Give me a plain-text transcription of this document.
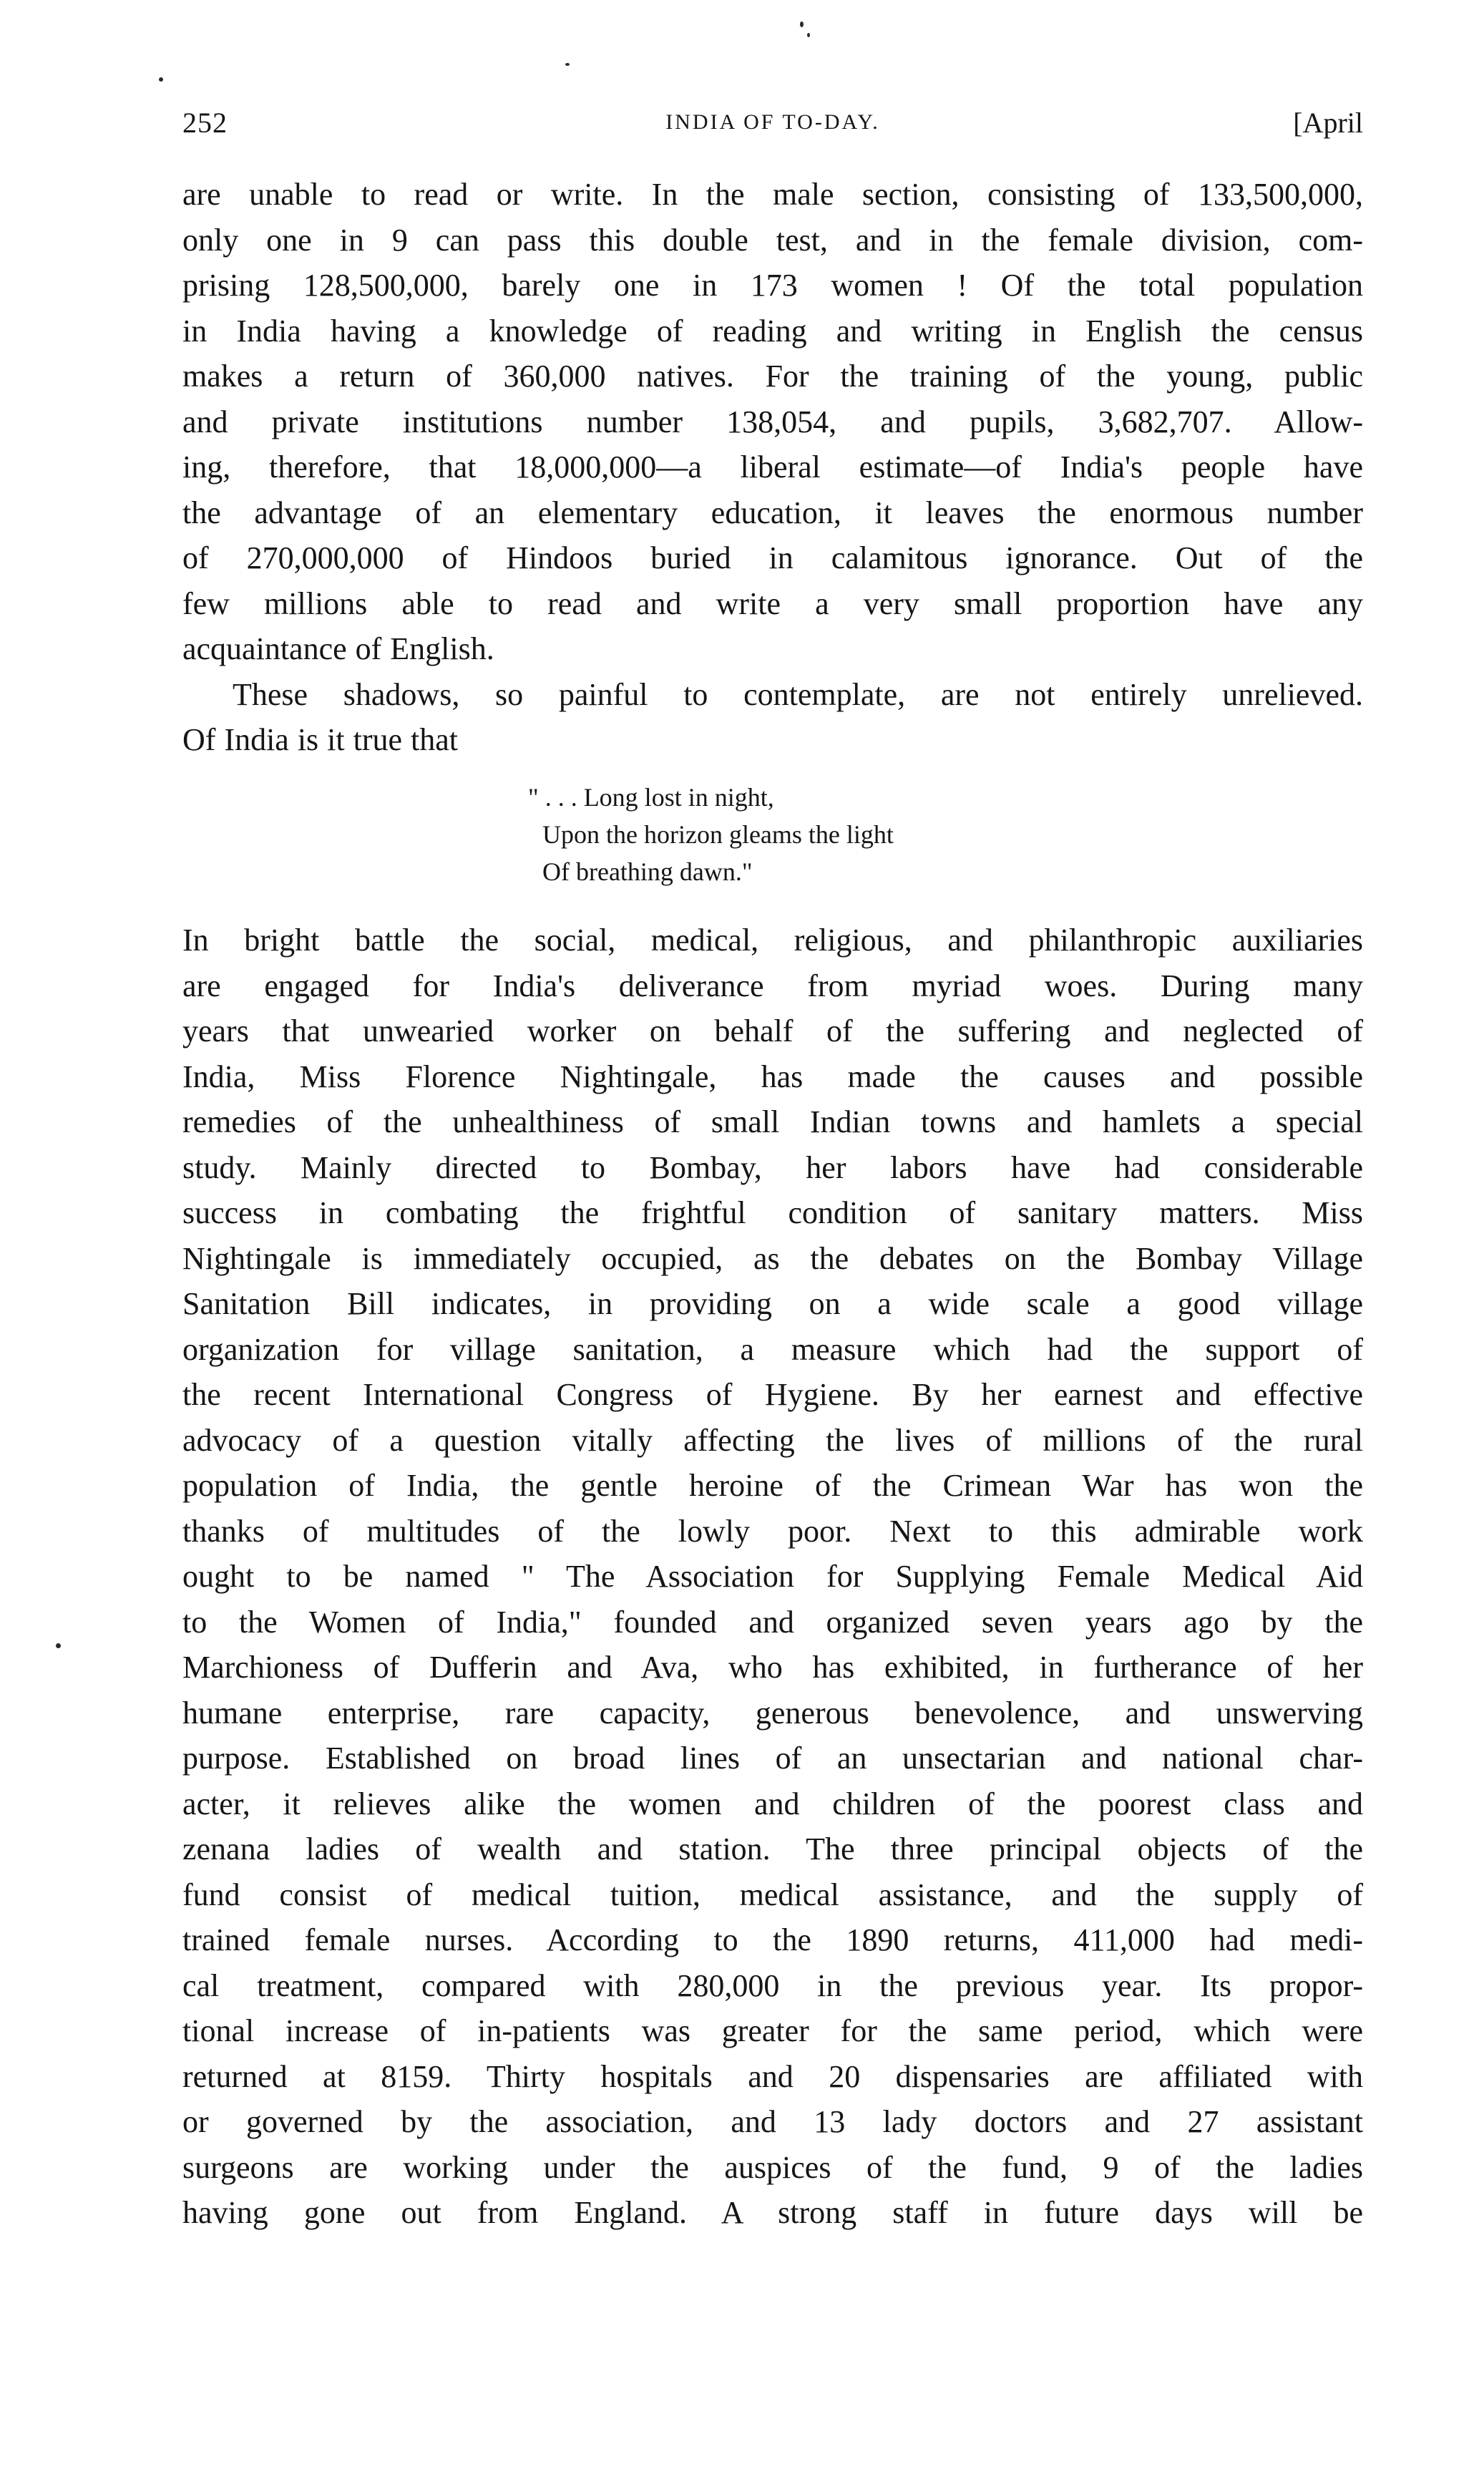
252	INDIA OF TO-DAY.	[April
are unable to read or write. In the male section, consisting of 133,500,000,
only one in 9 can pass this double test, and in the female division, com-
prising 128,500,000, barely one in 173 women ! Of the total population
in India having a knowledge of reading and writing in English the census
makes a return of 360,000 natives. For the training of the young, public
and private institutions number 138,054, and pupils, 3,682,707. Allow-
ing, therefore, that 18,000,000—a liberal estimate—of India's people have
the advantage of an elementary education, it leaves the enormous number
of 270,000,000 of Hindoos buried in calamitous ignorance. Out of the
few millions able to read and write a very small proportion have any
acquaintance of English.
These shadows, so painful to contemplate, are not entirely unrelieved.
Of India is it true that
" . . . Long lost in night,
Upon the horizon gleams the light
Of breathing dawn."
In bright battle the social, medical, religious, and philanthropic auxiliaries
are engaged for India's deliverance from myriad woes. During many
years that unwearied worker on behalf of the suffering and neglected of
India, Miss Florence Nightingale, has made the causes and possible
remedies of the unhealthiness of small Indian towns and hamlets a special
study. Mainly directed to Bombay, her labors have had considerable
success in combating the frightful condition of sanitary matters. Miss
Nightingale is immediately occupied, as the debates on the Bombay Village
Sanitation Bill indicates, in providing on a wide scale a good village
organization for village sanitation, a measure which had the support of
the recent International Congress of Hygiene. By her earnest and effective
advocacy of a question vitally affecting the lives of millions of the rural
population of India, the gentle heroine of the Crimean War has won the
thanks of multitudes of the lowly poor. Next to this admirable work
ought to be named " The Association for Supplying Female Medical Aid
to the Women of India," founded and organized seven years ago by the
Marchioness of Dufferin and Ava, who has exhibited, in furtherance of her
humane enterprise, rare capacity, generous benevolence, and unswerving
purpose. Established on broad lines of an unsectarian and national char-
acter, it relieves alike the women and children of the poorest class and
zenana ladies of wealth and station. The three principal objects of the
fund consist of medical tuition, medical assistance, and the supply of
trained female nurses. According to the 1890 returns, 411,000 had medi-
cal treatment, compared with 280,000 in the previous year. Its propor-
tional increase of in-patients was greater for the same period, which were
returned at 8159. Thirty hospitals and 20 dispensaries are affiliated with
or governed by the association, and 13 lady doctors and 27 assistant
surgeons are working under the auspices of the fund, 9 of the ladies
having gone out from England. A strong staff in future days will be
